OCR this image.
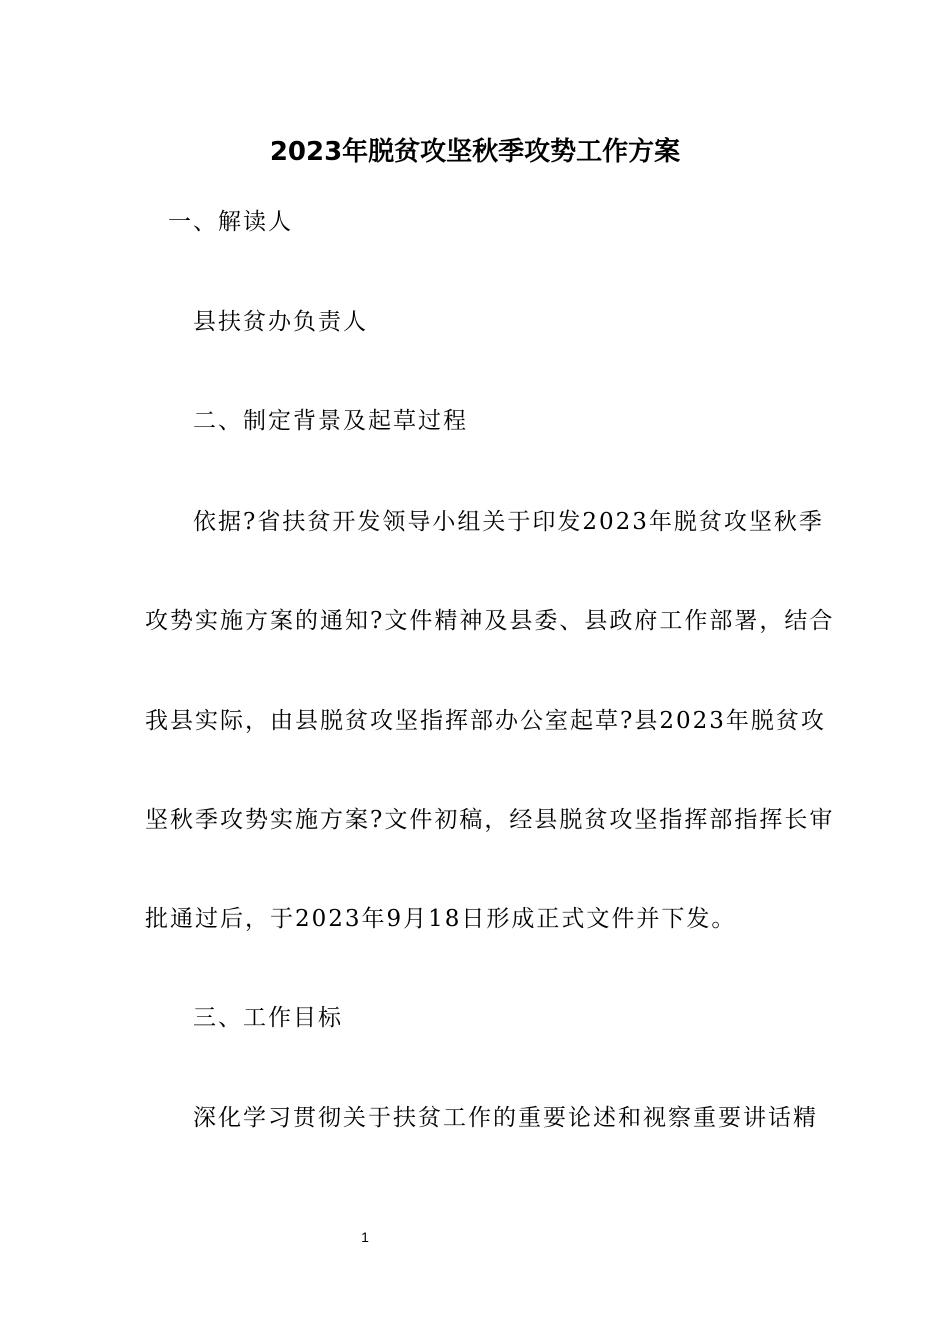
2023年脱贫攻坚秋季攻势工作方案

一、解读人

县扶贫办负责人

二、制定背景及起草过程

依据?省扶贫开发领导小组关于印发2023年脱贫攻坚秋季

攻势实施方案的通知?文件精神及县委、县政府工作部署，结合

我县实际，由县脱贫攻坚指挥部办公室起草?县2023年脱贫攻

坚秋季攻势实施方案?文件初稿，经县脱贫攻坚指挥部指挥长审

批通过后，于2023年9月18日形成正式文件并下发。

三、工作目标

深化学习贯彻关于扶贫工作的重要论述和视察重要讲话精

1
